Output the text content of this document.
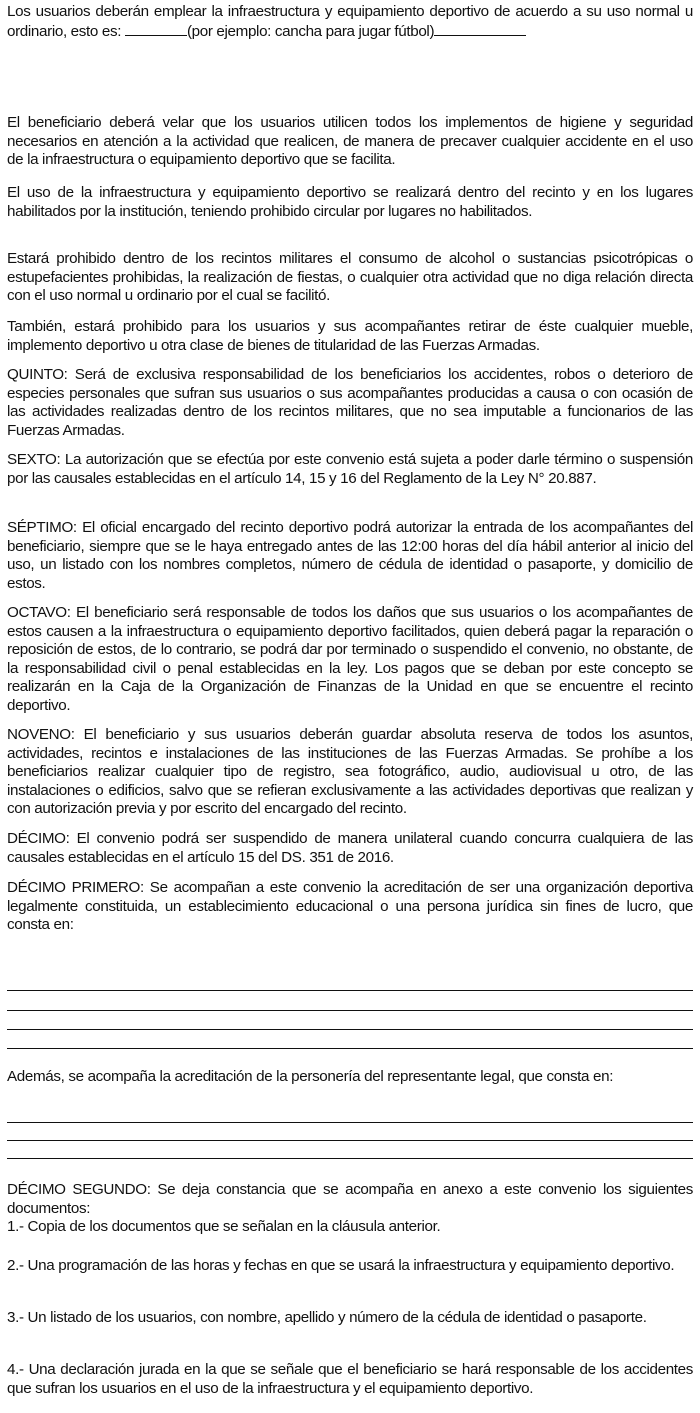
Los usuarios deberán emplear la infraestructura y equipamiento deportivo de acuerdo a su uso normal u ordinario, esto es:	(por ejemplo: cancha para jugar fútbol)

El beneficiario deberá velar que los usuarios utilicen todos los implementos de higiene y seguridad necesarios en atención a la actividad que realicen, de manera de precaver cualquier accidente en el uso de la infraestructura o equipamiento deportivo que se facilita.

El uso de la infraestructura y equipamiento deportivo se realizará dentro del recinto y en los lugares habilitados por la institución, teniendo prohibido circular por lugares no habilitados.

Estará prohibido dentro de los recintos militares el consumo de alcohol o sustancias psicotrópicas o estupefacientes prohibidas, la realización de fiestas, o cualquier otra actividad que no diga relación directa con el uso normal u ordinario por el cual se facilitó.

También, estará prohibido para los usuarios y sus acompañantes retirar de éste cualquier mueble, implemento deportivo u otra clase de bienes de titularidad de las Fuerzas Armadas.

QUINTO: Será de exclusiva responsabilidad de los beneficiarios los accidentes, robos o deterioro de especies personales que sufran sus usuarios o sus acompañantes producidas a causa o con ocasión de las actividades realizadas dentro de los recintos militares, que no sea imputable a funcionarios de las Fuerzas Armadas.

SEXTO: La autorización que se efectúa por este convenio está sujeta a poder darle término o suspensión por las causales establecidas en el artículo 14, 15 y 16 del Reglamento de la Ley N° 20.887.

SÉPTIMO: El oficial encargado del recinto deportivo podrá autorizar la entrada de los acompañantes del beneficiario, siempre que se le haya entregado antes de las 12:00 horas del día hábil anterior al inicio del uso, un listado con los nombres completos, número de cédula de identidad o pasaporte, y domicilio de estos.

OCTAVO: El beneficiario será responsable de todos los daños que sus usuarios o los acompañantes de estos causen a la infraestructura o equipamiento deportivo facilitados, quien deberá pagar la reparación o reposición de estos, de lo contrario, se podrá dar por terminado o suspendido el convenio, no obstante, de la responsabilidad civil o penal establecidas en la ley. Los pagos que se deban por este concepto se realizarán en la Caja de la Organización de Finanzas de la Unidad en que se encuentre el recinto deportivo.

NOVENO: El beneficiario y sus usuarios deberán guardar absoluta reserva de todos los asuntos, actividades, recintos e instalaciones de las instituciones de las Fuerzas Armadas. Se prohíbe a los beneficiarios realizar cualquier tipo de registro, sea fotográfico, audio, audiovisual u otro, de las instalaciones o edificios, salvo que se refieran exclusivamente a las actividades deportivas que realizan y con autorización previa y por escrito del encargado del recinto.

DÉCIMO: El convenio podrá ser suspendido de manera unilateral cuando concurra cualquiera de las causales establecidas en el artículo 15 del DS. 351 de 2016.

DÉCIMO PRIMERO: Se acompañan a este convenio la acreditación de ser una organización deportiva legalmente constituida, un establecimiento educacional o una persona jurídica sin fines de lucro, que consta en:

Además, se acompaña la acreditación de la personería del representante legal, que consta en:

DÉCIMO SEGUNDO: Se deja constancia que se acompaña en anexo a este convenio los siguientes documentos:

1.- Copia de los documentos que se señalan en la cláusula anterior.

2.- Una programación de las horas y fechas en que se usará la infraestructura y equipamiento deportivo.

3.- Un listado de los usuarios, con nombre, apellido y número de la cédula de identidad o pasaporte.

4.- Una declaración jurada en la que se señale que el beneficiario se hará responsable de los accidentes que sufran los usuarios en el uso de la infraestructura y el equipamiento deportivo.
